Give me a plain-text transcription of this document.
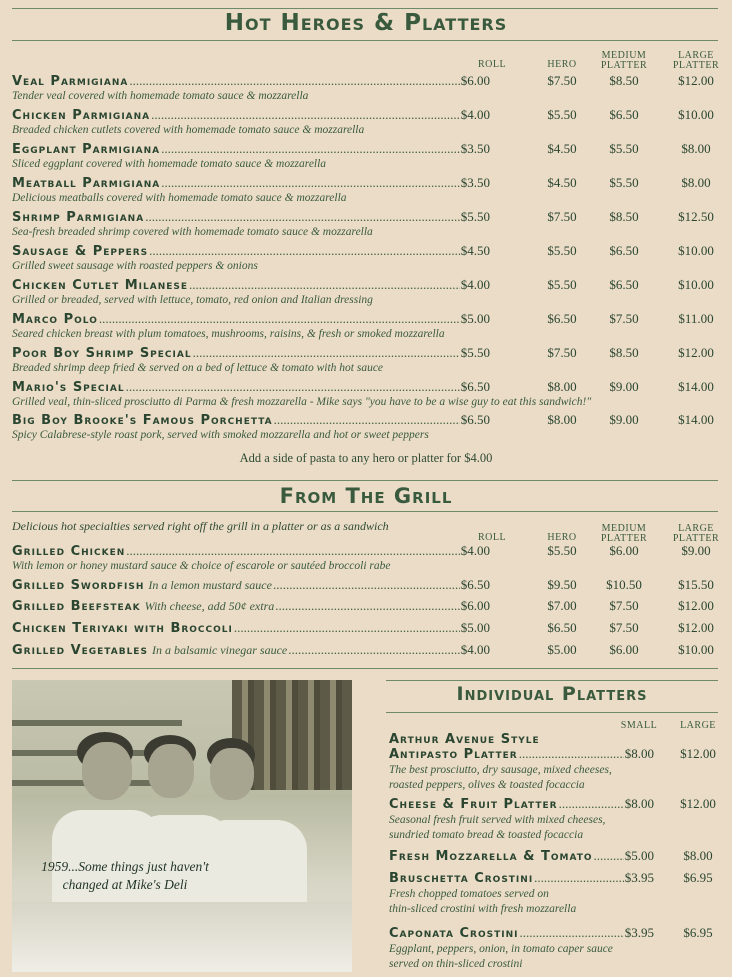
Hot Heroes & Platters
ROLL	HERO
MEDIUM PLATTER
LARGE PLATTER
Veal Parmigiana .....	$6.00	$7.50	$8.50	$12.00
Tender veal covered with homemade tomato sauce & mozzarella
Chicken Parmigiana .....	$4.00	$5.50	$6.50	$10.00
Breaded chicken cutlets covered with homemade tomato sauce & mozzarella
Eggplant Parmigiana .....	$3.50	$4.50	$5.50	$8.00
Sliced eggplant covered with homemade tomato sauce & mozzarella
Meatball Parmigiana .....	$3.50	$4.50	$5.50	$8.00
Delicious meatballs covered with homemade tomato sauce & mozzarella
Shrimp Parmigiana .....	$5.50	$7.50	$8.50	$12.50
Sea-fresh breaded shrimp covered with homemade tomato sauce & mozzarella
Sausage & Peppers .....	$4.50	$5.50	$6.50	$10.00
Grilled sweet sausage with roasted peppers & onions
Chicken Cutlet Milanese .....	$4.00	$5.50	$6.50	$10.00
Grilled or breaded, served with lettuce, tomato, red onion and Italian dressing
Marco Polo .....	$5.00	$6.50	$7.50	$11.00
Seared chicken breast with plum tomatoes, mushrooms, raisins, & fresh or smoked mozzarella
Poor Boy Shrimp Special .....	$5.50	$7.50	$8.50	$12.00
Breaded shrimp deep fried & served on a bed of lettuce & tomato with hot sauce
Mario's Special .....	$6.50	$8.00	$9.00	$14.00
Grilled veal, thin-sliced prosciutto di Parma & fresh mozzarella - Mike says "you have to be a wise guy to eat this sandwich!"
Big Boy Brooke's Famous Porchetta .....	$6.50	$8.00	$9.00	$14.00
Spicy Calabrese-style roast pork, served with smoked mozzarella and hot or sweet peppers
Add a side of pasta to any hero or platter for $4.00
From The Grill
Delicious hot specialties served right off the grill in a platter or as a sandwich
ROLL	HERO
MEDIUM PLATTER
LARGE PLATTER
Grilled Chicken .....	$4.00	$5.50	$6.00	$9.00
With lemon or honey mustard sauce & choice of escarole or sautéed broccoli rabe
Grilled Swordfish In a lemon mustard sauce .....	$6.50	$9.50	$10.50	$15.50
Grilled Beefsteak With cheese, add 50¢ extra .....	$6.00	$7.00	$7.50	$12.00
Chicken Teriyaki with Broccoli .....	$5.00	$6.50	$7.50	$12.00
Grilled Vegetables In a balsamic vinegar sauce .....	$4.00	$5.00	$6.00	$10.00
1959...Some things just haven't changed at Mike's Deli
Individual Platters
SMALL	LARGE
Arthur Avenue Style
Antipasto Platter .....	$8.00	$12.00
The best prosciutto, dry sausage, mixed cheeses,
roasted peppers, olives & toasted focaccia
Cheese & Fruit Platter .....	$8.00	$12.00
Seasonal fresh fruit served with mixed cheeses,
sundried tomato bread & toasted focaccia
Fresh Mozzarella & Tomato ..... $5.00	$8.00
Bruschetta Crostini .....	$3.95	$6.95
Fresh chopped tomatoes served on
thin-sliced crostini with fresh mozzarella
Caponata Crostini .....	$3.95	$6.95
Eggplant, peppers, onion, in tomato caper sauce
served on thin-sliced crostini
